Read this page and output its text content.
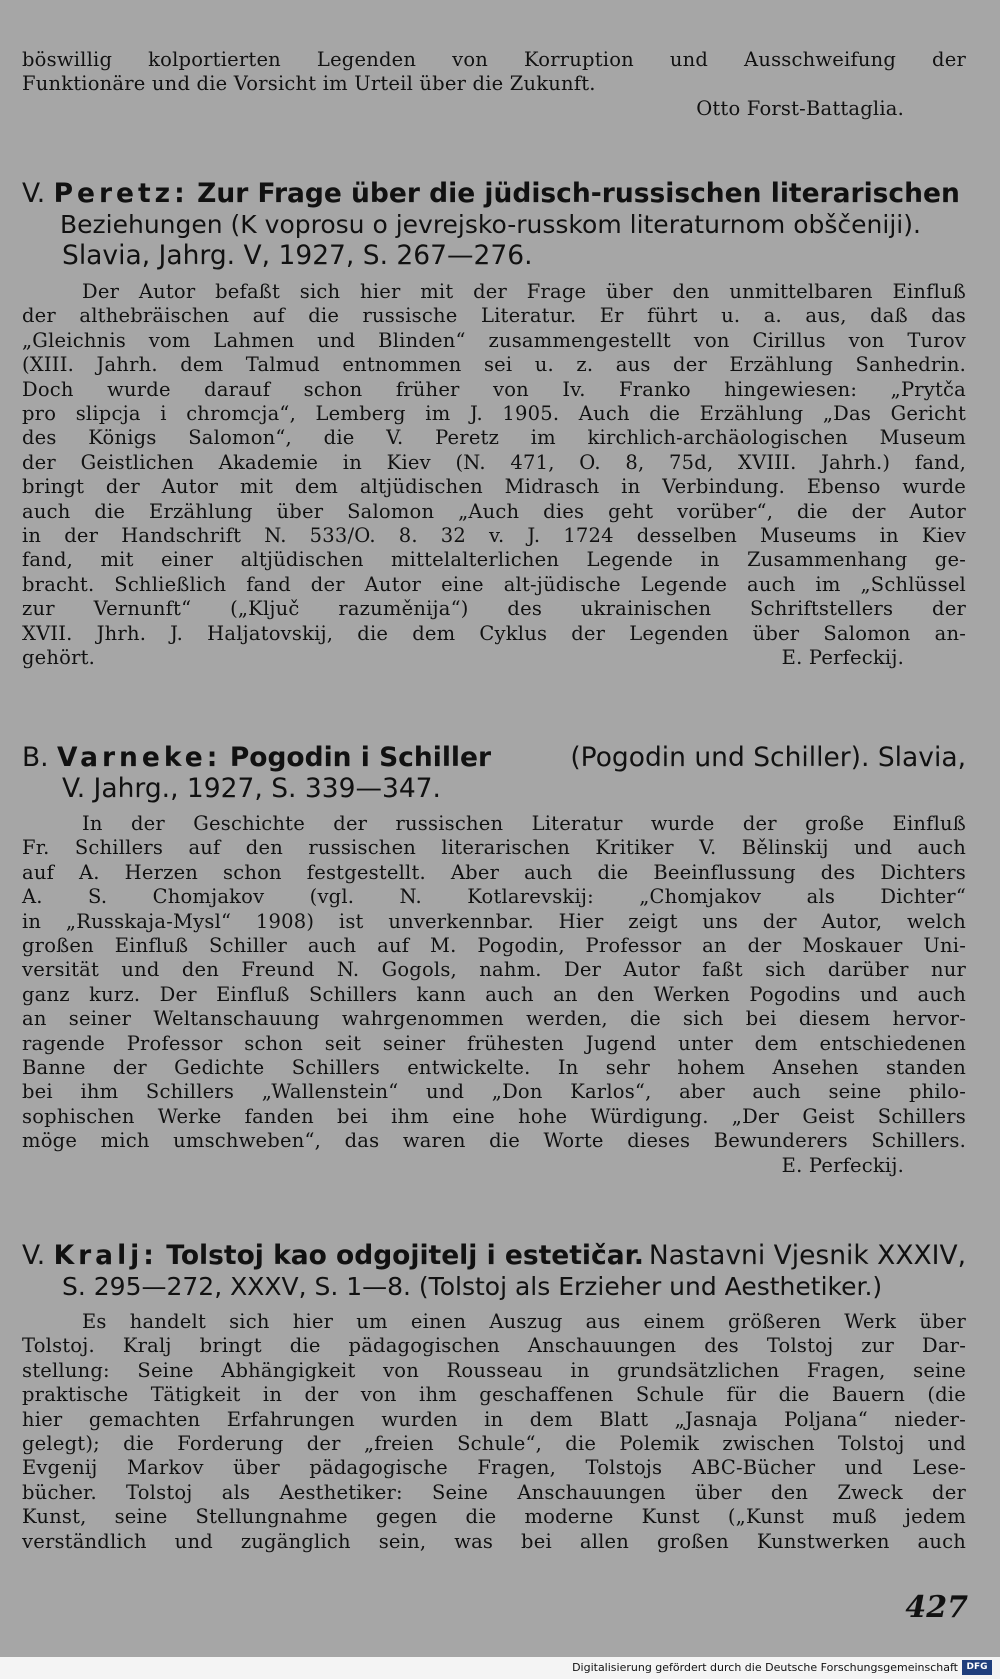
böswillig kolportierten Legenden von Korruption und Ausschweifung der
Funktionäre und die Vorsicht im Urteil über die Zukunft.
Otto Forst-Battaglia.
V. Peretz: Zur Frage über die jüdisch-russischen literarischen
Beziehungen (K voprosu o jevrejsko-russkom literaturnom obščeniji).
Slavia, Jahrg. V, 1927, S. 267—276.
Der Autor befaßt sich hier mit der Frage über den unmittelbaren Einfluß
der althebräischen auf die russische Literatur. Er führt u. a. aus, daß das
„Gleichnis vom Lahmen und Blinden“ zusammengestellt von Cirillus von Turov
(XIII. Jahrh. dem Talmud entnommen sei u. z. aus der Erzählung Sanhedrin.
Doch wurde darauf schon früher von Iv. Franko hingewiesen: „Prytča
pro slipcja i chromcja“, Lemberg im J. 1905. Auch die Erzählung „Das Gericht
des Königs Salomon“, die V. Peretz im kirchlich-archäologischen Museum
der Geistlichen Akademie in Kiev (N. 471, O. 8, 75d, XVIII. Jahrh.) fand,
bringt der Autor mit dem altjüdischen Midrasch in Verbindung. Ebenso wurde
auch die Erzählung über Salomon „Auch dies geht vorüber“, die der Autor
in der Handschrift N. 533/O. 8. 32 v. J. 1724 desselben Museums in Kiev
fand, mit einer altjüdischen mittelalterlichen Legende in Zusammenhang ge-
bracht. Schließlich fand der Autor eine alt-jüdische Legende auch im „Schlüssel
zur Vernunft“ („Ključ razuměnija“) des ukrainischen Schriftstellers der
XVII. Jhrh. J. Haljatovskij, die dem Cyklus der Legenden über Salomon an-
gehört.	E. Perfeckij.
B. Varneke: Pogodin i Schiller	(Pogodin und Schiller). Slavia,
V. Jahrg., 1927, S. 339—347.
In der Geschichte der russischen Literatur wurde der große Einfluß
Fr. Schillers auf den russischen literarischen Kritiker V. Bělinskij und auch
auf A. Herzen schon festgestellt. Aber auch die Beeinflussung des Dichters
A. S. Chomjakov (vgl. N. Kotlarevskij: „Chomjakov als Dichter“
in „Russkaja-Mysl“ 1908) ist unverkennbar. Hier zeigt uns der Autor, welch
großen Einfluß Schiller auch auf M. Pogodin, Professor an der Moskauer Uni-
versität und den Freund N. Gogols, nahm. Der Autor faßt sich darüber nur
ganz kurz. Der Einfluß Schillers kann auch an den Werken Pogodins und auch
an seiner Weltanschauung wahrgenommen werden, die sich bei diesem hervor-
ragende Professor schon seit seiner frühesten Jugend unter dem entschiedenen
Banne der Gedichte Schillers entwickelte. In sehr hohem Ansehen standen
bei ihm Schillers „Wallenstein“ und „Don Karlos“, aber auch seine philo-
sophischen Werke fanden bei ihm eine hohe Würdigung. „Der Geist Schillers
möge mich umschweben“, das waren die Worte dieses Bewunderers Schillers.
E. Perfeckij.
V. Kralj: Tolstoj kao odgojitelj i estetičar. Nastavni Vjesnik XXXIV,
S. 295—272, XXXV, S. 1—8. (Tolstoj als Erzieher und Aesthetiker.)
Es handelt sich hier um einen Auszug aus einem größeren Werk über
Tolstoj. Kralj bringt die pädagogischen Anschauungen des Tolstoj zur Dar-
stellung: Seine Abhängigkeit von Rousseau in grundsätzlichen Fragen, seine
praktische Tätigkeit in der von ihm geschaffenen Schule für die Bauern (die
hier gemachten Erfahrungen wurden in dem Blatt „Jasnaja Poljana“ nieder-
gelegt); die Forderung der „freien Schule“, die Polemik zwischen Tolstoj und
Evgenij Markov über pädagogische Fragen, Tolstojs ABC-Bücher und Lese-
bücher. Tolstoj als Aesthetiker: Seine Anschauungen über den Zweck der
Kunst, seine Stellungnahme gegen die moderne Kunst („Kunst muß jedem
verständlich und zugänglich sein, was bei allen großen Kunstwerken auch
427
Digitalisierung gefördert durch die Deutsche Forschungsgemeinschaft DFG
